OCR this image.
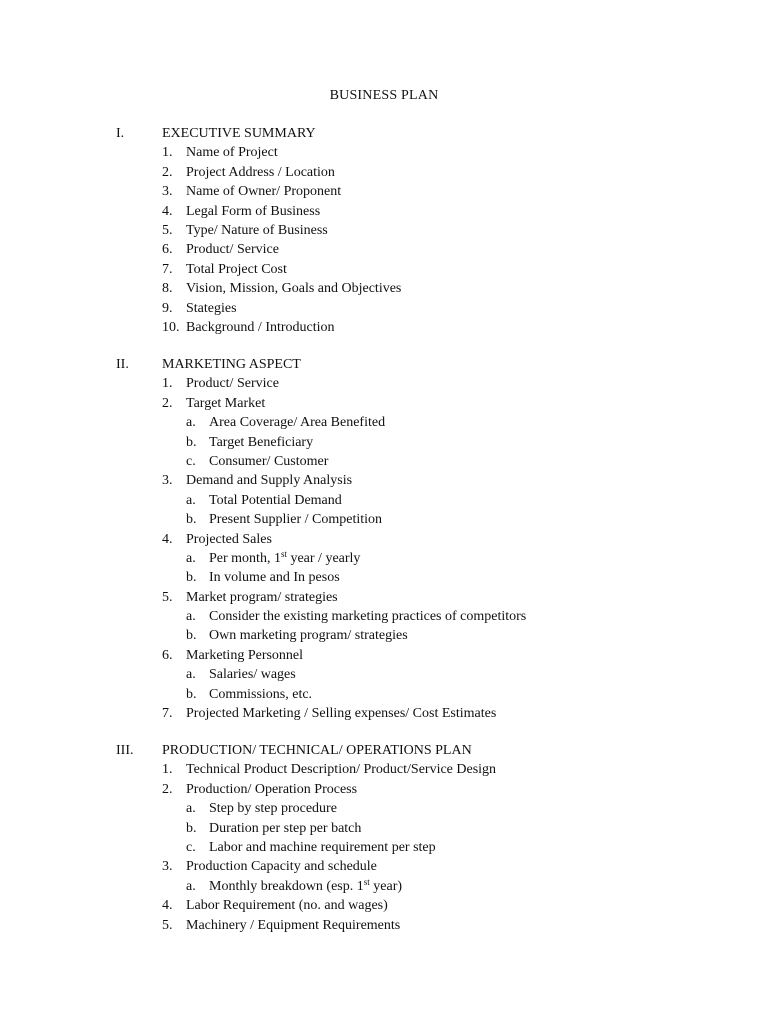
BUSINESS PLAN
I.	EXECUTIVE SUMMARY
1. Name of Project
2. Project Address / Location
3. Name of Owner/ Proponent
4. Legal Form of Business
5. Type/ Nature of Business
6. Product/ Service
7. Total Project Cost
8. Vision, Mission, Goals and Objectives
9. Stategies
10. Background / Introduction
II. MARKETING ASPECT
1. Product/ Service
2. Target Market
a. Area Coverage/ Area Benefited
b. Target Beneficiary
c. Consumer/ Customer
3. Demand and Supply Analysis
a. Total Potential Demand
b. Present Supplier / Competition
4. Projected Sales
a. Per month, 1st year / yearly
b. In volume and In pesos
5. Market program/ strategies
a. Consider the existing marketing practices of competitors
b. Own marketing program/ strategies
6. Marketing Personnel
a. Salaries/ wages
b. Commissions, etc.
7. Projected Marketing / Selling expenses/ Cost Estimates
III. PRODUCTION/ TECHNICAL/ OPERATIONS PLAN
1. Technical Product Description/ Product/Service Design
2. Production/ Operation Process
a. Step by step procedure
b. Duration per step per batch
c. Labor and machine requirement per step
3. Production Capacity and schedule
a. Monthly breakdown (esp. 1st year)
4. Labor Requirement (no. and wages)
5. Machinery / Equipment Requirements
